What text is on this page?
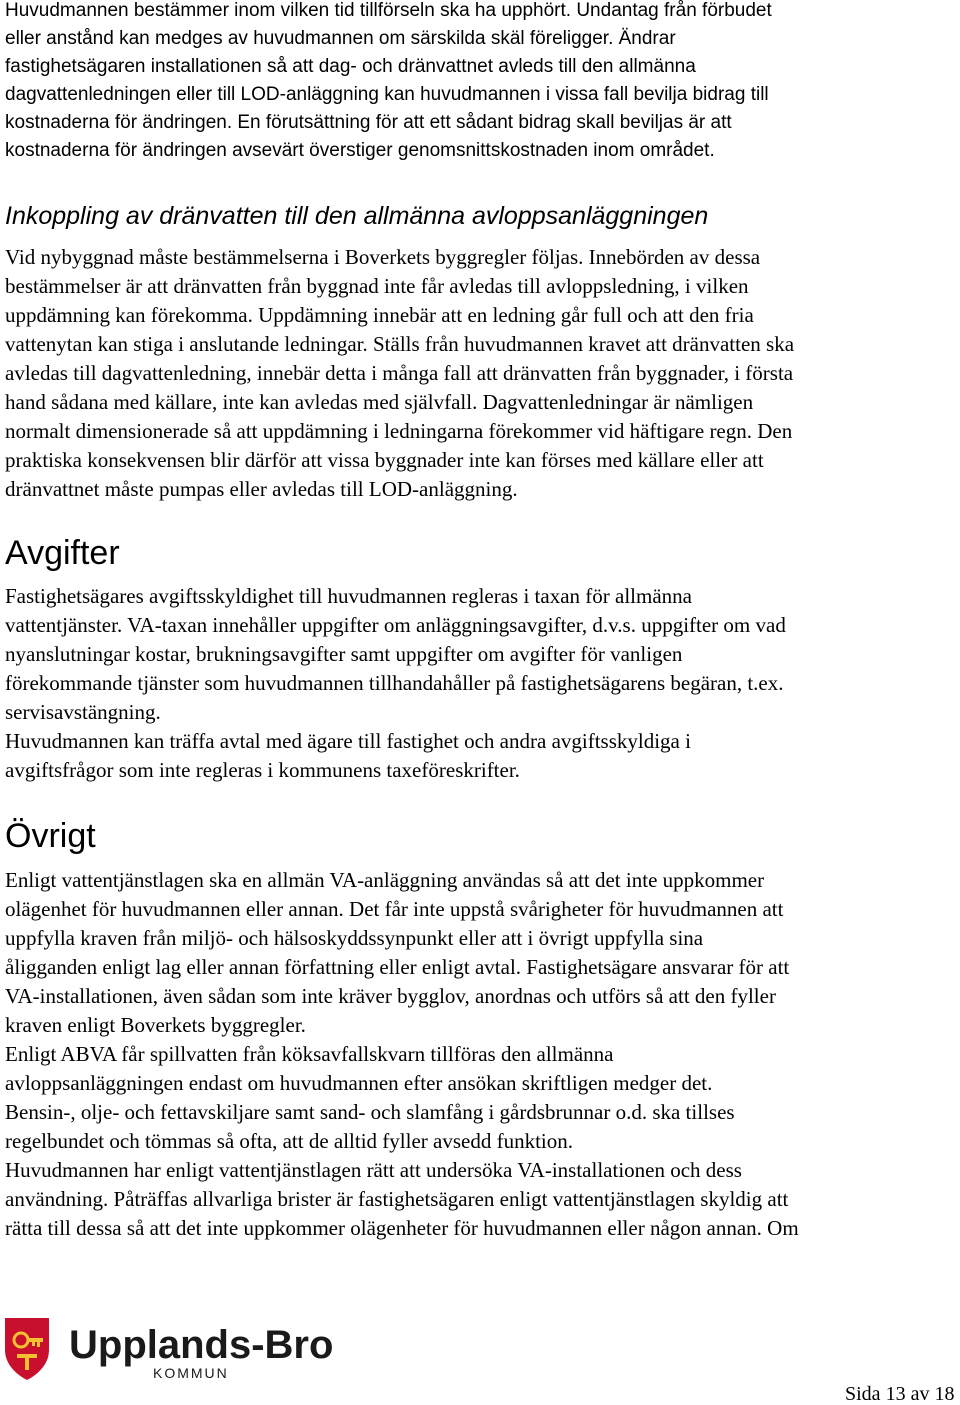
Huvudmannen bestämmer inom vilken tid tillförseln ska ha upphört. Undantag från förbudet
eller anstånd kan medges av huvudmannen om särskilda skäl föreligger. Ändrar
fastighetsägaren installationen så att dag- och dränvattnet avleds till den allmänna
dagvattenledningen eller till LOD-anläggning kan huvudmannen i vissa fall bevilja bidrag till
kostnaderna för ändringen. En förutsättning för att ett sådant bidrag skall beviljas är att
kostnaderna för ändringen avsevärt överstiger genomsnittskostnaden inom området.
Inkoppling av dränvatten till den allmänna avloppsanläggningen
Vid nybyggnad måste bestämmelserna i Boverkets byggregler följas. Innebörden av dessa
bestämmelser är att dränvatten från byggnad inte får avledas till avloppsledning, i vilken
uppdämning kan förekomma. Uppdämning innebär att en ledning går full och att den fria
vattenytan kan stiga i anslutande ledningar. Ställs från huvudmannen kravet att dränvatten ska
avledas till dagvattenledning, innebär detta i många fall att dränvatten från byggnader, i första
hand sådana med källare, inte kan avledas med självfall. Dagvattenledningar är nämligen
normalt dimensionerade så att uppdämning i ledningarna förekommer vid häftigare regn. Den
praktiska konsekvensen blir därför att vissa byggnader inte kan förses med källare eller att
dränvattnet måste pumpas eller avledas till LOD-anläggning.
Avgifter
Fastighetsägares avgiftsskyldighet till huvudmannen regleras i taxan för allmänna
vattentjänster. VA-taxan innehåller uppgifter om anläggningsavgifter, d.v.s. uppgifter om vad
nyanslutningar kostar, brukningsavgifter samt uppgifter om avgifter för vanligen
förekommande tjänster som huvudmannen tillhandahåller på fastighetsägarens begäran, t.ex.
servisavstängning.
Huvudmannen kan träffa avtal med ägare till fastighet och andra avgiftsskyldiga i
avgiftsfrågor som inte regleras i kommunens taxeföreskrifter.
Övrigt
Enligt vattentjänstlagen ska en allmän VA-anläggning användas så att det inte uppkommer
olägenhet för huvudmannen eller annan. Det får inte uppstå svårigheter för huvudmannen att
uppfylla kraven från miljö- och hälsoskyddssynpunkt eller att i övrigt uppfylla sina
åligganden enligt lag eller annan författning eller enligt avtal. Fastighetsägare ansvarar för att
VA-installationen, även sådan som inte kräver bygglov, anordnas och utförs så att den fyller
kraven enligt Boverkets byggregler.
Enligt ABVA får spillvatten från köksavfallskvarn tillföras den allmänna
avloppsanläggningen endast om huvudmannen efter ansökan skriftligen medger det.
Bensin-, olje- och fettavskiljare samt sand- och slamfång i gårdsbrunnar o.d. ska tillses
regelbundet och tömmas så ofta, att de alltid fyller avsedd funktion.
Huvudmannen har enligt vattentjänstlagen rätt att undersöka VA-installationen och dess
användning. Påträffas allvarliga brister är fastighetsägaren enligt vattentjänstlagen skyldig att
rätta till dessa så att det inte uppkommer olägenheter för huvudmannen eller någon annan. Om
Upplands-Bro
KOMMUN
Sida 13 av 18
